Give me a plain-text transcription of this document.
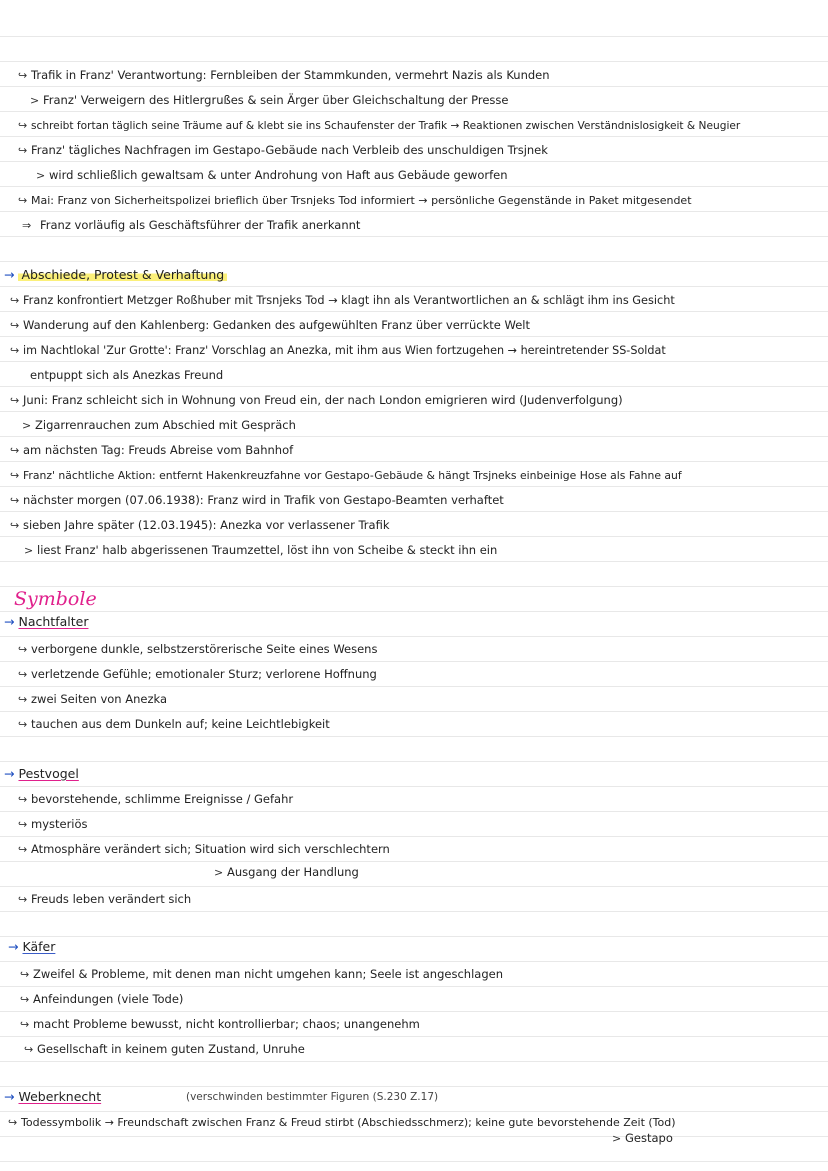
↪ Trafik in Franz' Verantwortung: Fernbleiben der Stammkunden, vermehrt Nazis als Kunden
> Franz' Verweigern des Hitlergrußes & sein Ärger über Gleichschaltung der Presse
↪ schreibt fortan täglich seine Träume auf & klebt sie ins Schaufenster der Trafik → Reaktionen zwischen Verständnislosigkeit & Neugier
↪ Franz' tägliches Nachfragen im Gestapo-Gebäude nach Verbleib des unschuldigen Trsjnek
> wird schließlich gewaltsam & unter Androhung von Haft aus Gebäude geworfen
↪ Mai: Franz von Sicherheitspolizei brieflich über Trsnjeks Tod informiert → persönliche Gegenstände in Paket mitgesendet
⇒ Franz vorläufig als Geschäftsführer der Trafik anerkannt
→ Abschiede, Protest & Verhaftung
↪ Franz konfrontiert Metzger Roßhuber mit Trsnjeks Tod → klagt ihn als Verantwortlichen an & schlägt ihm ins Gesicht
↪ Wanderung auf den Kahlenberg: Gedanken des aufgewühlten Franz über verrückte Welt
↪ im Nachtlokal 'Zur Grotte': Franz' Vorschlag an Anezka, mit ihm aus Wien fortzugehen → hereintretender SS-Soldat
entpuppt sich als Anezkas Freund
↪ Juni: Franz schleicht sich in Wohnung von Freud ein, der nach London emigrieren wird (Judenverfolgung)
> Zigarrenrauchen zum Abschied mit Gespräch
↪ am nächsten Tag: Freuds Abreise vom Bahnhof
↪ Franz' nächtliche Aktion: entfernt Hakenkreuzfahne vor Gestapo-Gebäude & hängt Trsjneks einbeinige Hose als Fahne auf
↪ nächster morgen (07.06.1938): Franz wird in Trafik von Gestapo-Beamten verhaftet
↪ sieben Jahre später (12.03.1945): Anezka vor verlassener Trafik
> liest Franz' halb abgerissenen Traumzettel, löst ihn von Scheibe & steckt ihn ein
Symbole
→ Nachtfalter
↪ verborgene dunkle, selbstzerstörerische Seite eines Wesens
↪ verletzende Gefühle; emotionaler Sturz; verlorene Hoffnung
↪ zwei Seiten von Anezka
↪ tauchen aus dem Dunkeln auf; keine Leichtlebigkeit
→ Pestvogel
↪ bevorstehende, schlimme Ereignisse / Gefahr
↪ mysteriös
↪ Atmosphäre verändert sich; Situation wird sich verschlechtern
> Ausgang der Handlung
↪ Freuds leben verändert sich
→ Käfer
↪ Zweifel & Probleme, mit denen man nicht umgehen kann; Seele ist angeschlagen
↪ Anfeindungen (viele Tode)
↪ macht Probleme bewusst, nicht kontrollierbar; chaos; unangenehm
↪ Gesellschaft in keinem guten Zustand, Unruhe
→ Weberknecht	(verschwinden bestimmter Figuren (S.230 Z.17)
↪ Todessymbolik → Freundschaft zwischen Franz & Freud stirbt (Abschiedsschmerz); keine gute bevorstehende Zeit (Tod)
> Gestapo
